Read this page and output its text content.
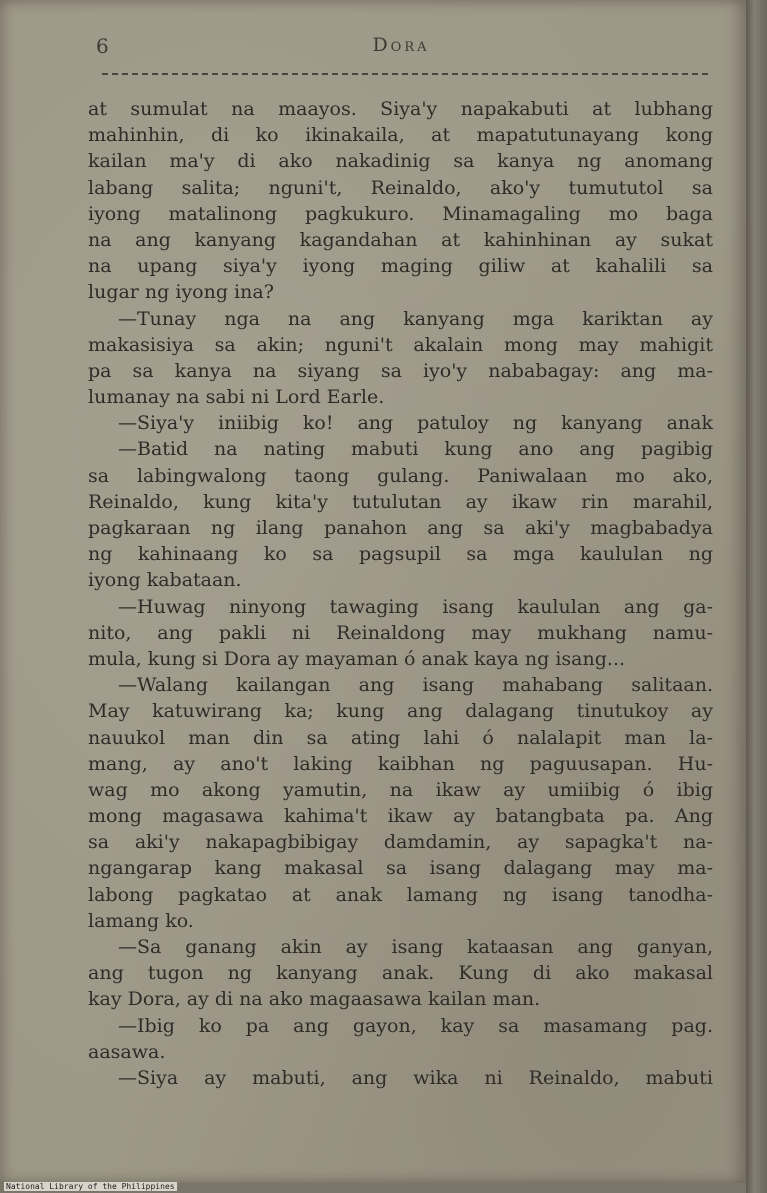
6	Dora
at sumulat na maayos. Siya'y napakabuti at lubhang
mahinhin, di ko ikinakaila, at mapatutunayang kong
kailan ma'y di ako nakadinig sa kanya ng anomang
labang salita; nguni't, Reinaldo, ako'y tumututol sa
iyong matalinong pagkukuro. Minamagaling mo baga
na ang kanyang kagandahan at kahinhinan ay sukat
na upang siya'y iyong maging giliw at kahalili sa
lugar ng iyong ina?
—Tunay nga na ang kanyang mga kariktan ay
makasisiya sa akin; nguni't akalain mong may mahigit
pa sa kanya na siyang sa iyo'y nababagay: ang ma-
lumanay na sabi ni Lord Earle.
—Siya'y iniibig ko! ang patuloy ng kanyang anak
—Batid na nating mabuti kung ano ang pagibig
sa labingwalong taong gulang. Paniwalaan mo ako,
Reinaldo, kung kita'y tutulutan ay ikaw rin marahil,
pagkaraan ng ilang panahon ang sa aki'y magbabadya
ng kahinaang ko sa pagsupil sa mga kaululan ng
iyong kabataan.
—Huwag ninyong tawaging isang kaululan ang ga-
nito, ang pakli ni Reinaldong may mukhang namu-
mula, kung si Dora ay mayaman ó anak kaya ng isang...
—Walang kailangan ang isang mahabang salitaan.
May katuwirang ka; kung ang dalagang tinutukoy ay
nauukol man din sa ating lahi ó nalalapit man la-
mang, ay ano't laking kaibhan ng paguusapan. Hu-
wag mo akong yamutin, na ikaw ay umiibig ó ibig
mong magasawa kahima't ikaw ay batangbata pa. Ang
sa aki'y nakapagbibigay damdamin, ay sapagka't na-
ngangarap kang makasal sa isang dalagang may ma-
labong pagkatao at anak lamang ng isang tanodha-
lamang ko.
—Sa ganang akin ay isang kataasan ang ganyan,
ang tugon ng kanyang anak. Kung di ako makasal
kay Dora, ay di na ako magaasawa kailan man.
—Ibig ko pa ang gayon, kay sa masamang pag.
aasawa.
—Siya ay mabuti, ang wika ni Reinaldo, mabuti
National Library of the Philippines
